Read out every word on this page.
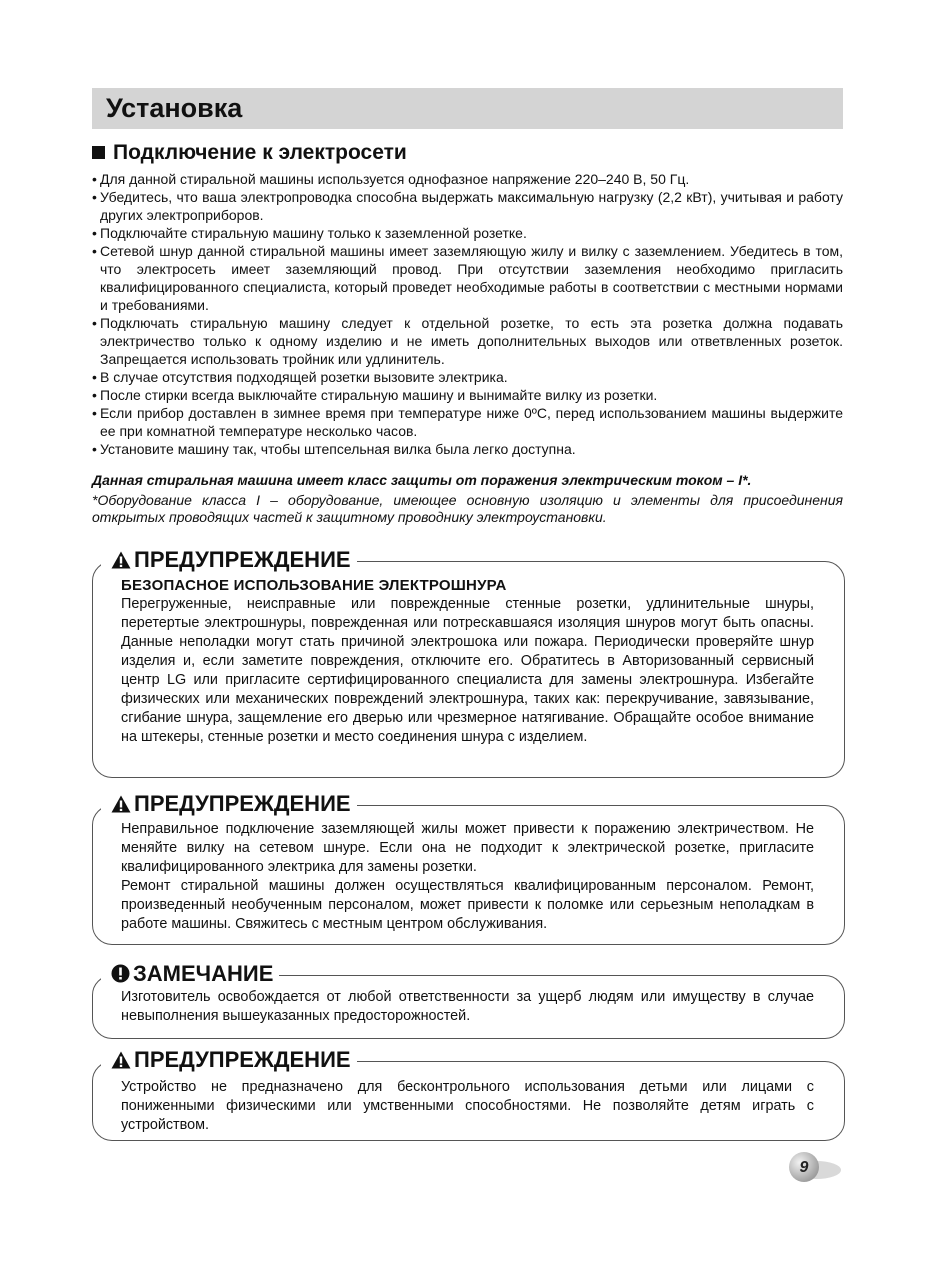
Установка
Подключение к электросети
• Для данной стиральной машины используется однофазное напряжение 220–240 В, 50 Гц.
• Убедитесь, что ваша электропроводка способна выдержать максимальную нагрузку (2,2 кВт), учитывая и работу других электроприборов.
• Подключайте стиральную машину только к заземленной розетке.
• Сетевой шнур данной стиральной машины имеет заземляющую жилу и вилку с заземлением. Убедитесь в том, что электросеть имеет заземляющий провод. При отсутствии заземления необходимо пригласить квалифицированного специалиста, который проведет необходимые работы в соответствии с местными нормами и требованиями.
• Подключать стиральную машину следует к отдельной розетке, то есть эта розетка должна подавать электричество только к одному изделию и не иметь дополнительных выходов или ответвленных розеток. Запрещается использовать тройник или удлинитель.
• В случае отсутствия подходящей розетки вызовите электрика.
• После стирки всегда выключайте стиральную машину и вынимайте вилку из розетки.
• Если прибор доставлен в зимнее время при температуре ниже 0ºC, перед использованием машины выдержите ее при комнатной температуре несколько часов.
• Установите машину так, чтобы штепсельная вилка была легко доступна.

Данная стиральная машина имеет класс защиты от поражения электрическим током – I*.

*Оборудование класса I – оборудование, имеющее основную изоляцию и элементы для присоединения открытых проводящих частей к защитному проводнику электроустановки.

ПРЕДУПРЕЖДЕНИЕ

БЕЗОПАСНОЕ ИСПОЛЬЗОВАНИЕ ЭЛЕКТРОШНУРА

Перегруженные, неисправные или поврежденные стенные розетки, удлинительные шнуры, перетертые электрошнуры, поврежденная или потрескавшаяся изоляция шнуров могут быть опасны. Данные неполадки могут стать причиной электрошока или пожара. Периодически проверяйте шнур изделия и, если заметите повреждения, отключите его. Обратитесь в Авторизованный сервисный центр LG или пригласите сертифицированного специалиста для замены электрошнура. Избегайте физических или механических повреждений электрошнура, таких как: перекручивание, завязывание, сгибание шнура, защемление его дверью или чрезмерное натягивание. Обращайте особое внимание на штекеры, стенные розетки и место соединения шнура с изделием.

ПРЕДУПРЕЖДЕНИЕ

Неправильное подключение заземляющей жилы может привести к поражению электричеством. Не меняйте вилку на сетевом шнуре. Если она не подходит к электрической розетке, пригласите квалифицированного электрика для замены розетки.

Ремонт стиральной машины должен осуществляться квалифицированным персоналом. Ремонт, произведенный необученным персоналом, может привести к поломке или серьезным неполадкам в работе машины. Свяжитесь с местным центром обслуживания.

ЗАМЕЧАНИЕ

Изготовитель освобождается от любой ответственности за ущерб людям или имуществу в случае невыполнения вышеуказанных предосторожностей.

ПРЕДУПРЕЖДЕНИЕ

Устройство не предназначено для бесконтрольного использования детьми или лицами с пониженными физическими или умственными способностями. Не позволяйте детям играть с устройством.

9
